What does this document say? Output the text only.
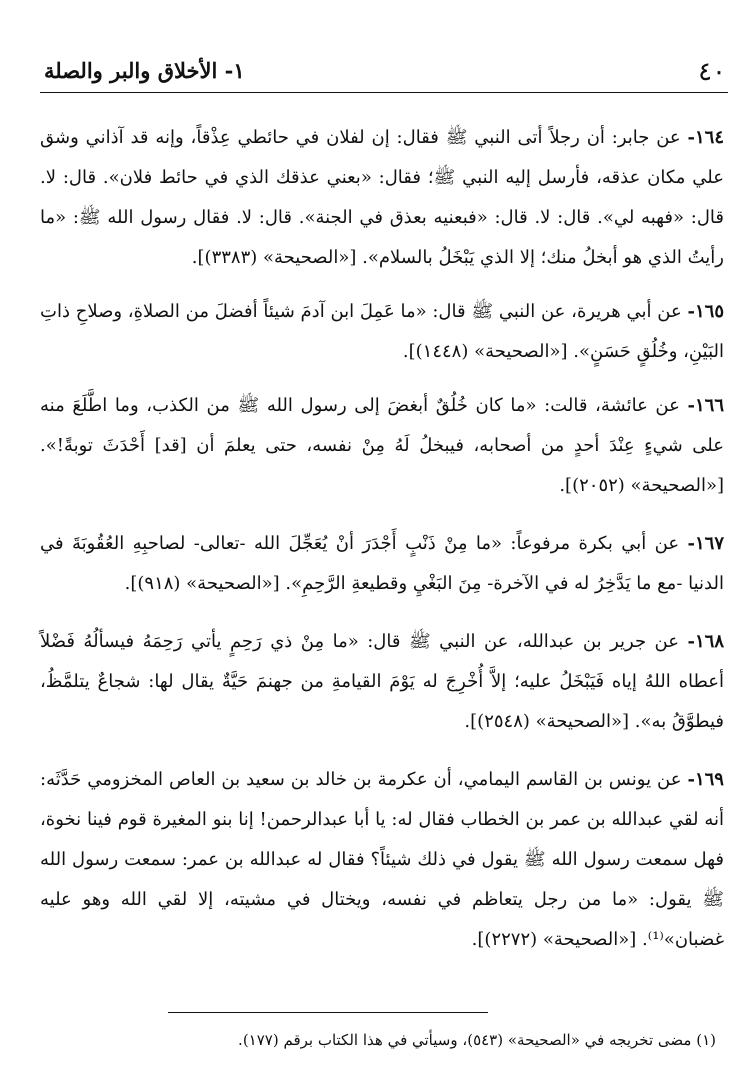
٤٠
١- الأخلاق والبر والصلة

١٦٤- عن جابر: أن رجلاً أتى النبي ﷺ فقال: إن لفلان في حائطي عِذْقاً، وإنه قد آذاني وشق علي مكان عذقه، فأرسل إليه النبي ﷺ؛ فقال: «بعني عذقك الذي في حائط فلان». قال: لا. قال: «فهبه لي». قال: لا. قال: «فبعنيه بعذق في الجنة». قال: لا. فقال رسول الله ﷺ: «ما رأيتُ الذي هو أبخلُ منك؛ إلا الذي يَبْخَلُ بالسلام». [«الصحيحة» (٣٣٨٣)].

١٦٥- عن أبي هريرة، عن النبي ﷺ قال: «ما عَمِلَ ابن آدمَ شيئاً أفضلَ من الصلاةِ، وصلاحِ ذاتِ البَيْنِ، وخُلُقٍ حَسَنٍ». [«الصحيحة» (١٤٤٨)].

١٦٦- عن عائشة، قالت: «ما كان خُلُقٌ أبغضَ إلى رسول الله ﷺ من الكذب، وما اطَّلَعَ منه على شيءٍ عِنْدَ أحدٍ من أصحابه، فيبخلُ لَهُ مِنْ نفسه، حتى يعلمَ أن [قد] أَحْدَثَ توبةً!». [«الصحيحة» (٢٠٥٢)].

١٦٧- عن أبي بكرة مرفوعاً: «ما مِنْ ذَنْبٍ أَجْدَرَ أنْ يُعَجِّلَ الله -تعالى- لصاحبِهِ العُقُوبَةَ في الدنيا -مع ما يَدَّخِرُ له في الآخرة- مِنَ البَغْيِ وقطيعةِ الرَّحِمِ». [«الصحيحة» (٩١٨)].

١٦٨- عن جرير بن عبدالله، عن النبي ﷺ قال: «ما مِنْ ذي رَحِمٍ يأتي رَحِمَهُ فيسألُهُ فَضْلاً أعطاه اللهُ إياه فَيَبْخَلُ عليه؛ إلاَّ أُخْرِجَ له يَوْمَ القيامةِ من جهنمَ حَيَّةٌ يقال لها: شجاعٌ يتلمَّظُ، فيطوَّقُ به». [«الصحيحة» (٢٥٤٨)].

١٦٩- عن يونس بن القاسم اليمامي، أن عكرمة بن خالد بن سعيد بن العاص المخزومي حَدَّثَه: أنه لقي عبدالله بن عمر بن الخطاب فقال له: يا أبا عبدالرحمن! إنا بنو المغيرة قوم فينا نخوة، فهل سمعت رسول الله ﷺ يقول في ذلك شيئاً؟ فقال له عبدالله بن عمر: سمعت رسول الله ﷺ يقول: «ما من رجل يتعاظم في نفسه، ويختال في مشيته، إلا لقي الله وهو عليه غضبان»⁽¹⁾. [«الصحيحة» (٢٢٧٢)].

(١) مضى تخريجه في «الصحيحة» (٥٤٣)، وسيأتي في هذا الكتاب برقم (١٧٧).
